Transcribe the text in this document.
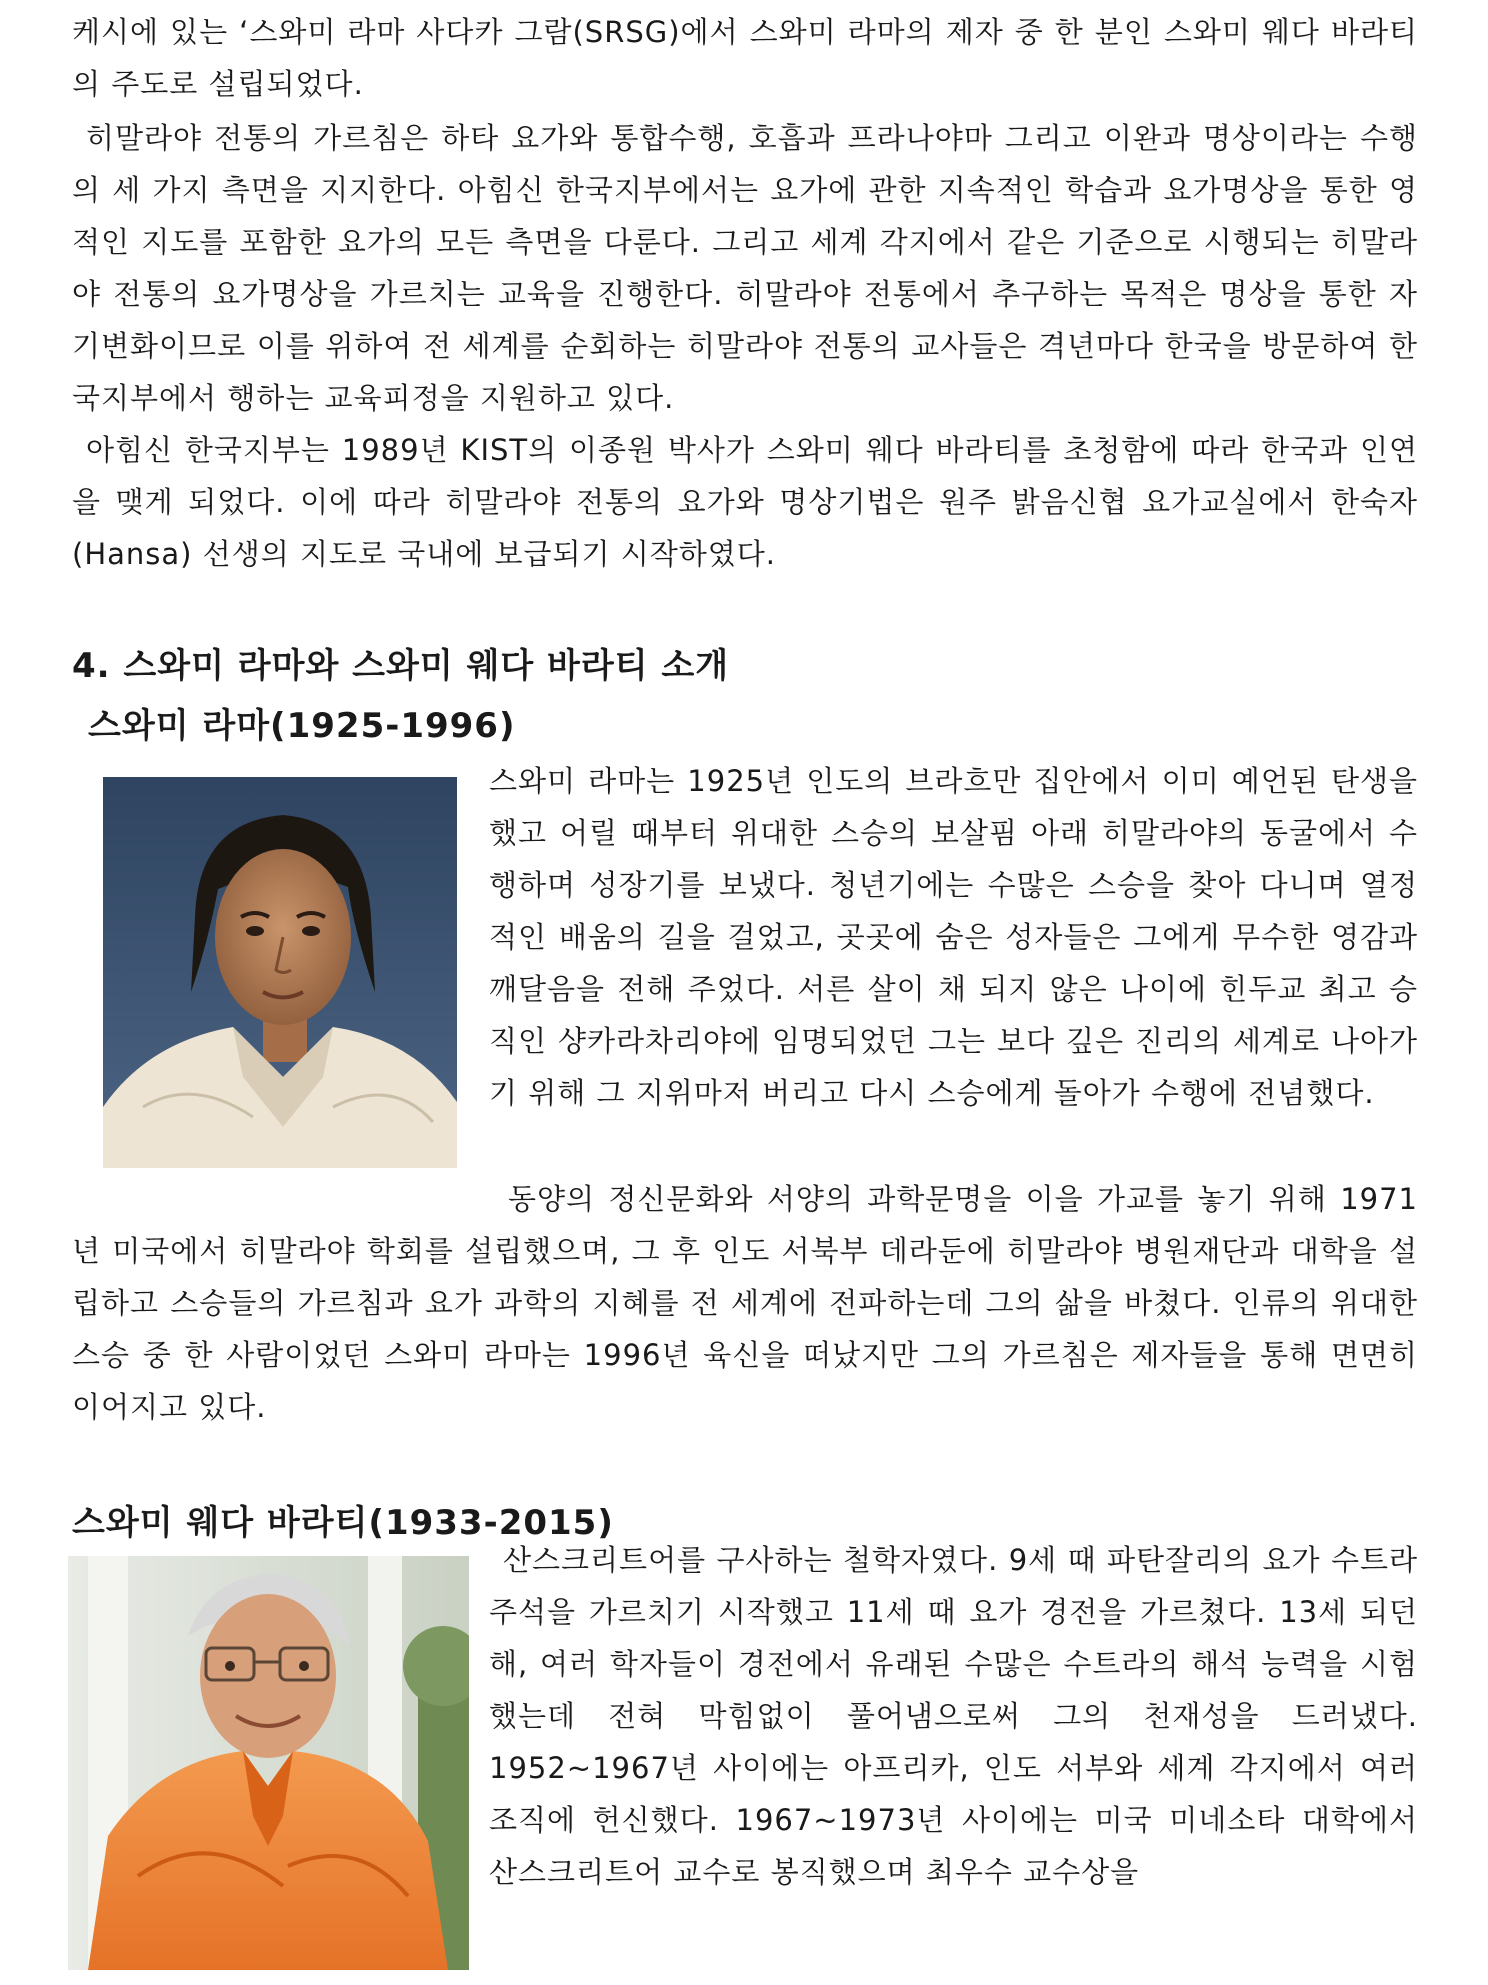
케시에 있는 ‘스와미 라마 사다카 그람(SRSG)에서 스와미 라마의 제자 중 한 분인 스와미 웨다 바라티의 주도로 설립되었다.

히말라야 전통의 가르침은 하타 요가와 통합수행, 호흡과 프라나야마 그리고 이완과 명상이라는 수행의 세 가지 측면을 지지한다. 아힘신 한국지부에서는 요가에 관한 지속적인 학습과 요가명상을 통한 영적인 지도를 포함한 요가의 모든 측면을 다룬다. 그리고 세계 각지에서 같은 기준으로 시행되는 히말라야 전통의 요가명상을 가르치는 교육을 진행한다. 히말라야 전통에서 추구하는 목적은 명상을 통한 자기변화이므로 이를 위하여 전 세계를 순회하는 히말라야 전통의 교사들은 격년마다 한국을 방문하여 한국지부에서 행하는 교육피정을 지원하고 있다.

아힘신 한국지부는 1989년 KIST의 이종원 박사가 스와미 웨다 바라티를 초청함에 따라 한국과 인연을 맺게 되었다. 이에 따라 히말라야 전통의 요가와 명상기법은 원주 밝음신협 요가교실에서 한숙자(Hansa) 선생의 지도로 국내에 보급되기 시작하였다.

4. 스와미 라마와 스와미 웨다 바라티 소개
스와미 라마(1925-1996)

스와미 라마는 1925년 인도의 브라흐만 집안에서 이미 예언된 탄생을 했고 어릴 때부터 위대한 스승의 보살핌 아래 히말라야의 동굴에서 수행하며 성장기를 보냈다. 청년기에는 수많은 스승을 찾아 다니며 열정적인 배움의 길을 걸었고, 곳곳에 숨은 성자들은 그에게 무수한 영감과 깨달음을 전해 주었다. 서른 살이 채 되지 않은 나이에 힌두교 최고 승직인 샹카라차리야에 임명되었던 그는 보다 깊은 진리의 세계로 나아가기 위해 그 지위마저 버리고 다시 스승에게 돌아가 수행에 전념했다.

동양의 정신문화와 서양의 과학문명을 이을 가교를 놓기 위해 1971년 미국에서 히말라야 학회를 설립했으며, 그 후 인도 서북부 데라둔에 히말라야 병원재단과 대학을 설립하고 스승들의 가르침과 요가 과학의 지혜를 전 세계에 전파하는데 그의 삶을 바쳤다. 인류의 위대한 스승 중 한 사람이었던 스와미 라마는 1996년 육신을 떠났지만 그의 가르침은 제자들을 통해 면면히 이어지고 있다.

스와미 웨다 바라티(1933-2015)

산스크리트어를 구사하는 철학자였다. 9세 때 파탄잘리의 요가 수트라 주석을 가르치기 시작했고 11세 때 요가 경전을 가르쳤다. 13세 되던 해, 여러 학자들이 경전에서 유래된 수많은 수트라의 해석 능력을 시험했는데 전혀 막힘없이 풀어냄으로써 그의 천재성을 드러냈다. 1952~1967년 사이에는 아프리카, 인도 서부와 세계 각지에서 여러 조직에 헌신했다. 1967~1973년 사이에는 미국 미네소타 대학에서 산스크리트어 교수로 봉직했으며 최우수 교수상을
